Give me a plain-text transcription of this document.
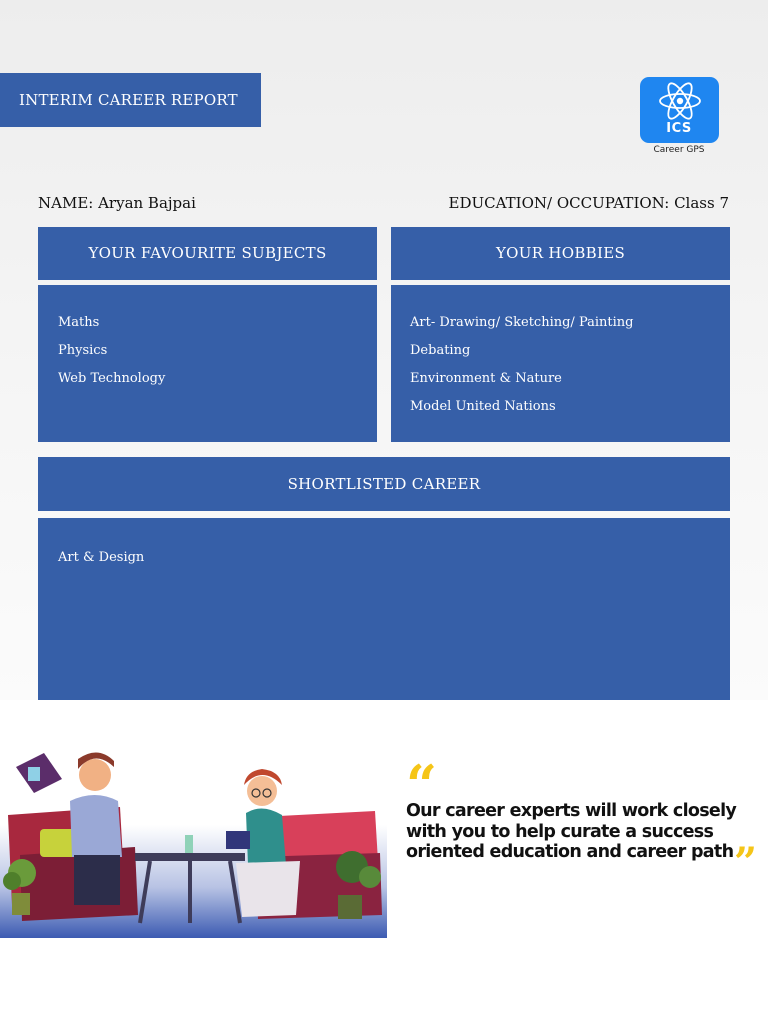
INTERIM CAREER REPORT
ICS
Career GPS
NAME: Aryan Bajpai	EDUCATION/ OCCUPATION: Class 7
YOUR FAVOURITE SUBJECTS
Maths
Physics
Web Technology
YOUR HOBBIES
Art- Drawing/ Sketching/ Painting
Debating
Environment & Nature
Model United Nations
SHORTLISTED CAREER
Art & Design
“
Our career experts will work closely with you to help curate a success oriented education and career path ”
